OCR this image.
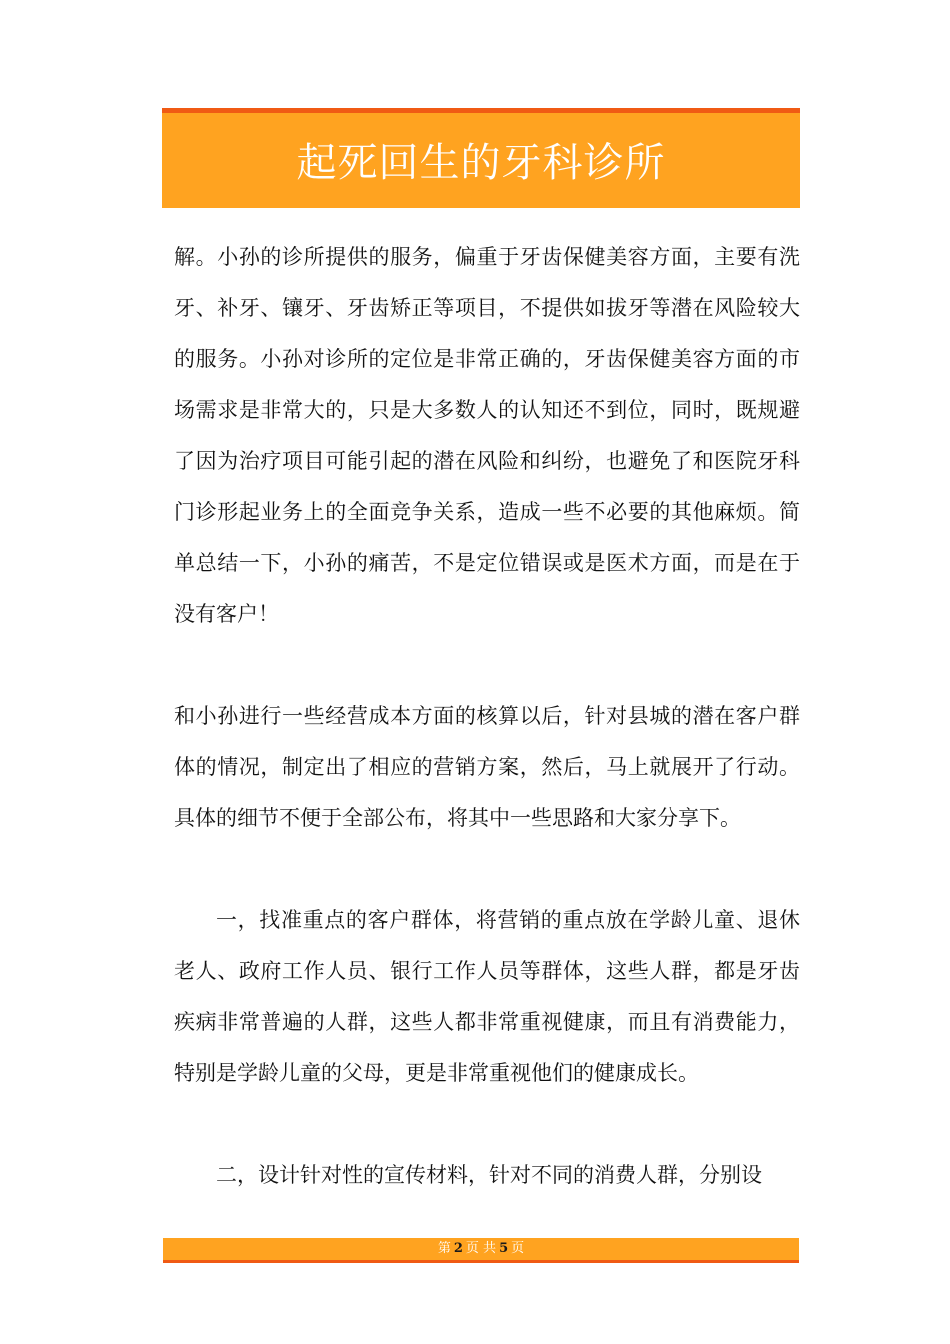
起死回生的牙科诊所

解。小孙的诊所提供的服务，偏重于牙齿保健美容方面，主要有洗牙、补牙、镶牙、牙齿矫正等项目，不提供如拔牙等潜在风险较大的服务。小孙对诊所的定位是非常正确的，牙齿保健美容方面的市场需求是非常大的，只是大多数人的认知还不到位，同时，既规避了因为治疗项目可能引起的潜在风险和纠纷，也避免了和医院牙科门诊形起业务上的全面竞争关系，造成一些不必要的其他麻烦。简单总结一下，小孙的痛苦，不是定位错误或是医术方面，而是在于没有客户！

和小孙进行一些经营成本方面的核算以后，针对县城的潜在客户群体的情况，制定出了相应的营销方案，然后，马上就展开了行动。具体的细节不便于全部公布，将其中一些思路和大家分享下。

一，找准重点的客户群体，将营销的重点放在学龄儿童、退休老人、政府工作人员、银行工作人员等群体，这些人群，都是牙齿疾病非常普遍的人群，这些人都非常重视健康，而且有消费能力，特别是学龄儿童的父母，更是非常重视他们的健康成长。

二，设计针对性的宣传材料，针对不同的消费人群，分别设

第 2 页 共 5 页
